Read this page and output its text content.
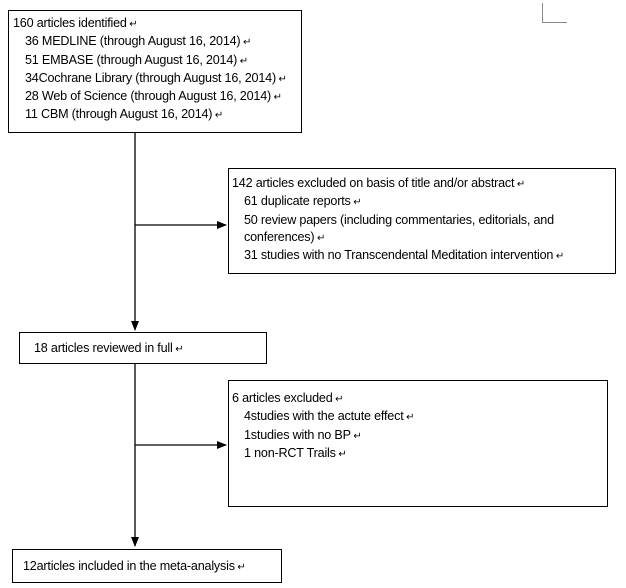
160 articles identified ↵
36 MEDLINE (through August 16, 2014) ↵
51 EMBASE (through August 16, 2014) ↵
34Cochrane Library (through August 16, 2014) ↵
28 Web of Science (through August 16, 2014) ↵
11 CBM (through August 16, 2014) ↵
142 articles excluded on basis of title and/or abstract ↵
61 duplicate reports ↵
50 review papers (including commentaries, editorials, and conferences) ↵
31 studies with no Transcendental Meditation intervention ↵
18 articles reviewed in full ↵
6 articles excluded ↵
4studies with the actute effect ↵
1studies with no BP ↵
1 non-RCT Trails ↵
12articles included in the meta-analysis ↵
